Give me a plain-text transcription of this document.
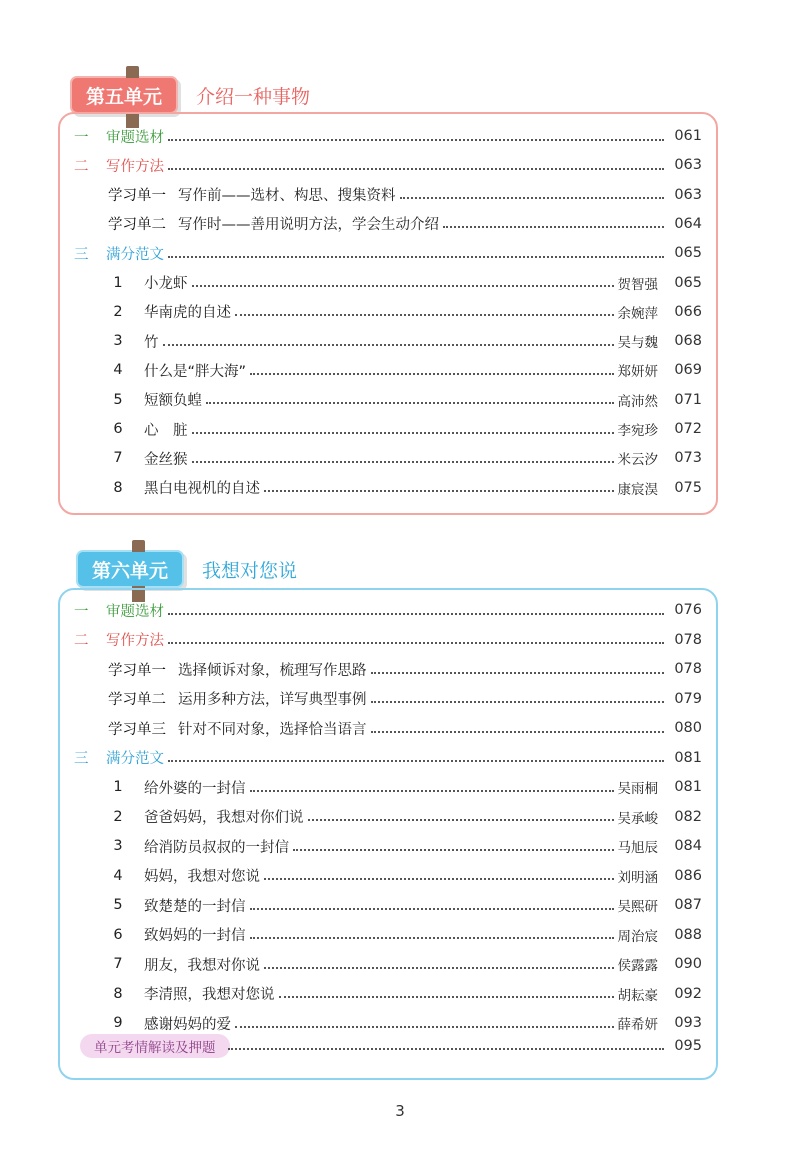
第五单元 介绍一种事物
一	审题选材	061
二	写作方法	063
学习单一 写作前——选材、构思、搜集资料	063
学习单二 写作时——善用说明方法，学会生动介绍	064
三	满分范文	065
1	小龙虾	贺智强	065
2	华南虎的自述	余婉萍	066
3	竹	吴与魏	068
4	什么是“胖大海”	郑妍妍	069
5	短额负蝗	高沛然	071
6	心　脏	李宛珍	072
7	金丝猴	米云汐	073
8	黑白电视机的自述	康宸淏	075
第六单元 我想对您说
单元考情解读及押题	095
一	审题选材	076
二	写作方法	078
学习单一 选择倾诉对象，梳理写作思路	078
学习单二 运用多种方法，详写典型事例	079
学习单三 针对不同对象，选择恰当语言	080
三	满分范文	081
1	给外婆的一封信	吴雨桐	081
2	爸爸妈妈，我想对你们说	吴承峻	082
3	给消防员叔叔的一封信	马旭辰	084
4	妈妈，我想对您说	刘明涵	086
5	致楚楚的一封信	吴熙研	087
6	致妈妈的一封信	周治宸	088
7	朋友，我想对你说	侯露露	090
8	李清照，我想对您说	胡耘豪	092
9	感谢妈妈的爱	薛希妍	093
3
